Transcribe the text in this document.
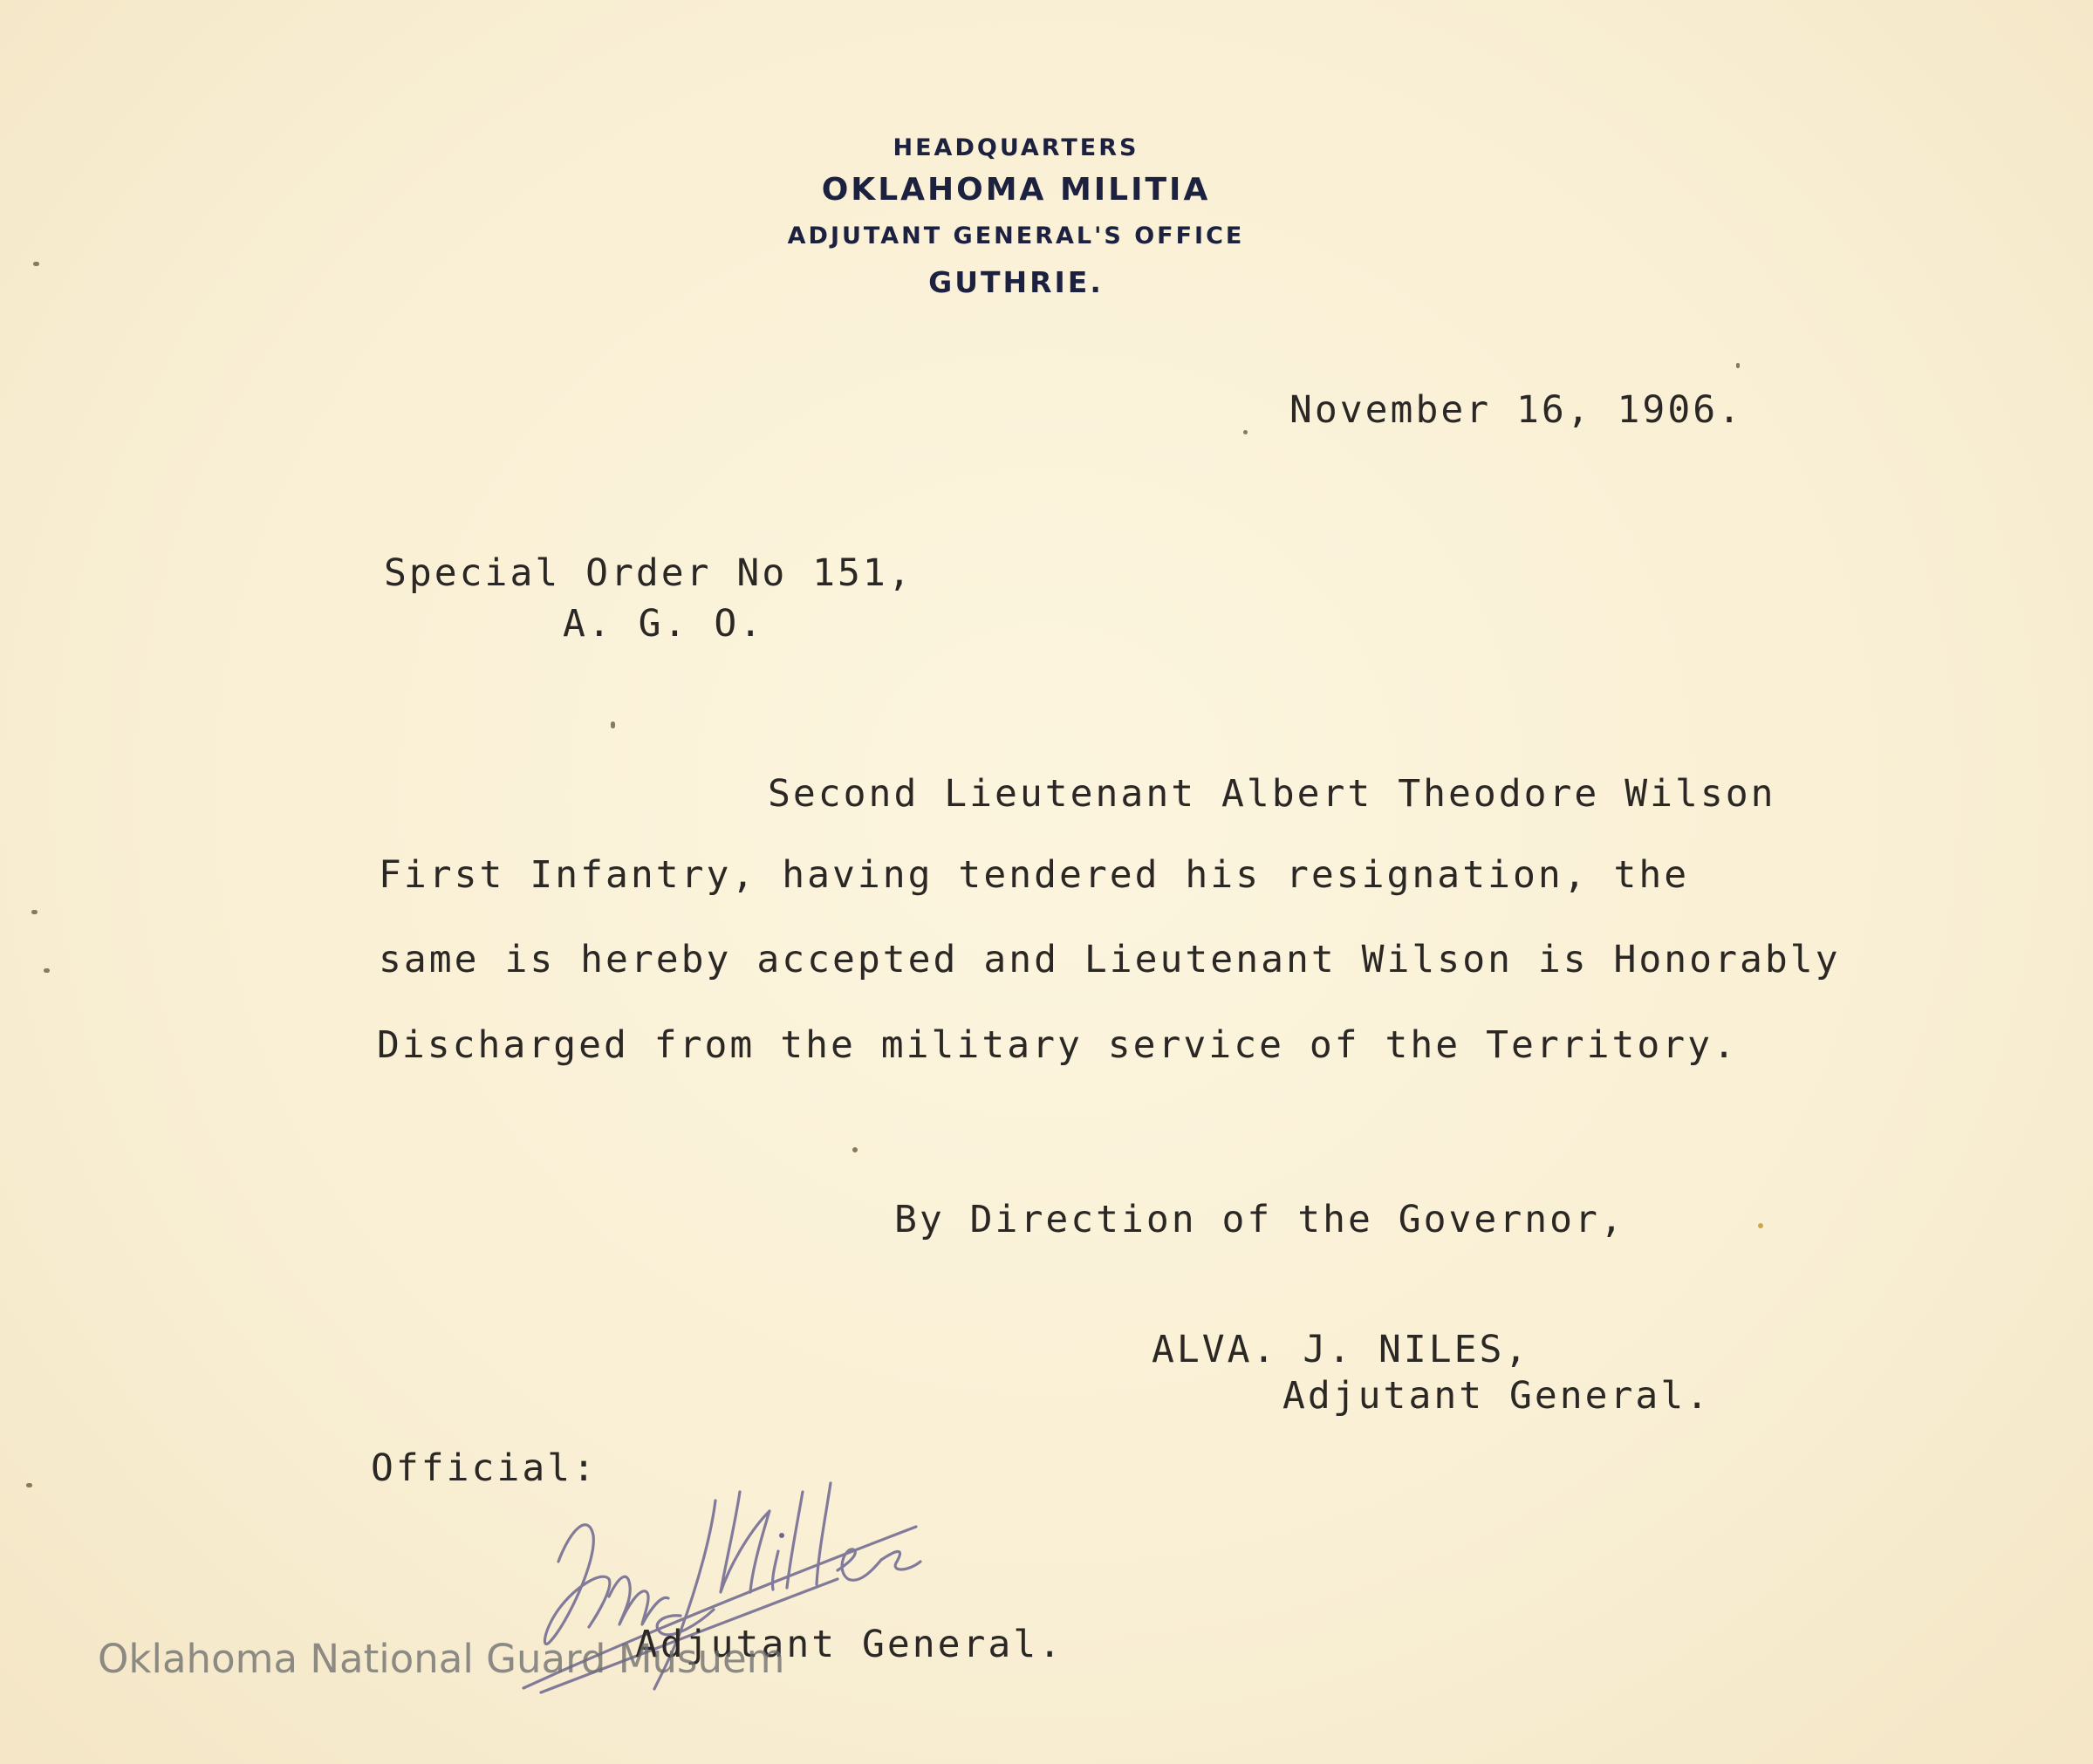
HEADQUARTERS
OKLAHOMA MILITIA
ADJUTANT GENERAL'S OFFICE
GUTHRIE.
November 16, 1906.
Special Order No 151,
A. G. O.
Second Lieutenant Albert Theodore Wilson
First Infantry, having tendered his resignation, the
same is hereby accepted and Lieutenant Wilson is Honorably
Discharged from the military service of the Territory.
By Direction of the Governor,
ALVA. J. NILES,
Adjutant General.
Official:
Adjutant General.
Oklahoma National Guard Musuem
